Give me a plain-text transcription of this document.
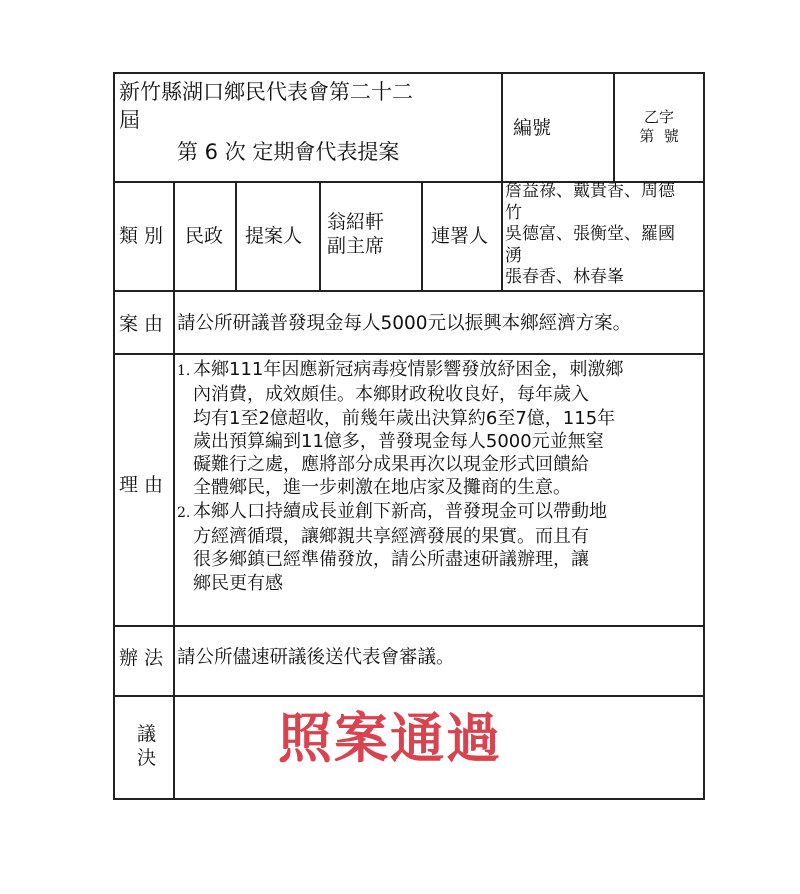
新竹縣湖口鄉民代表會第二十二
屆
第 6 次 定期會代表提案
編號	乙字
第  號
類 別 民政 提案人
翁紹軒
副主席 連署人
詹益祿、戴貴香、周德
竹
吳德富、張衡堂、羅國
湧
張春香、林春峯
案 由 請公所研議普發現金每人5000元以振興本鄉經濟方案。
理 由

1. 本鄉111年因應新冠病毒疫情影響發放紓困金，刺激鄉

內消費，成效頗佳。本鄉財政稅收良好，每年歲入

均有1至2億超收，前幾年歲出決算約6至7億，115年

歲出預算編到11億多，普發現金每人5000元並無窒

礙難行之處，應將部分成果再次以現金形式回饋給

全體鄉民，進一步刺激在地店家及攤商的生意。

2. 本鄉人口持續成長並創下新高，普發現金可以帶動地

方經濟循環，讓鄉親共享經濟發展的果實。而且有

很多鄉鎮已經準備發放，請公所盡速研議辦理，讓

鄉民更有感

辦 法 請公所儘速研議後送代表會審議。
議
決 照案通過
